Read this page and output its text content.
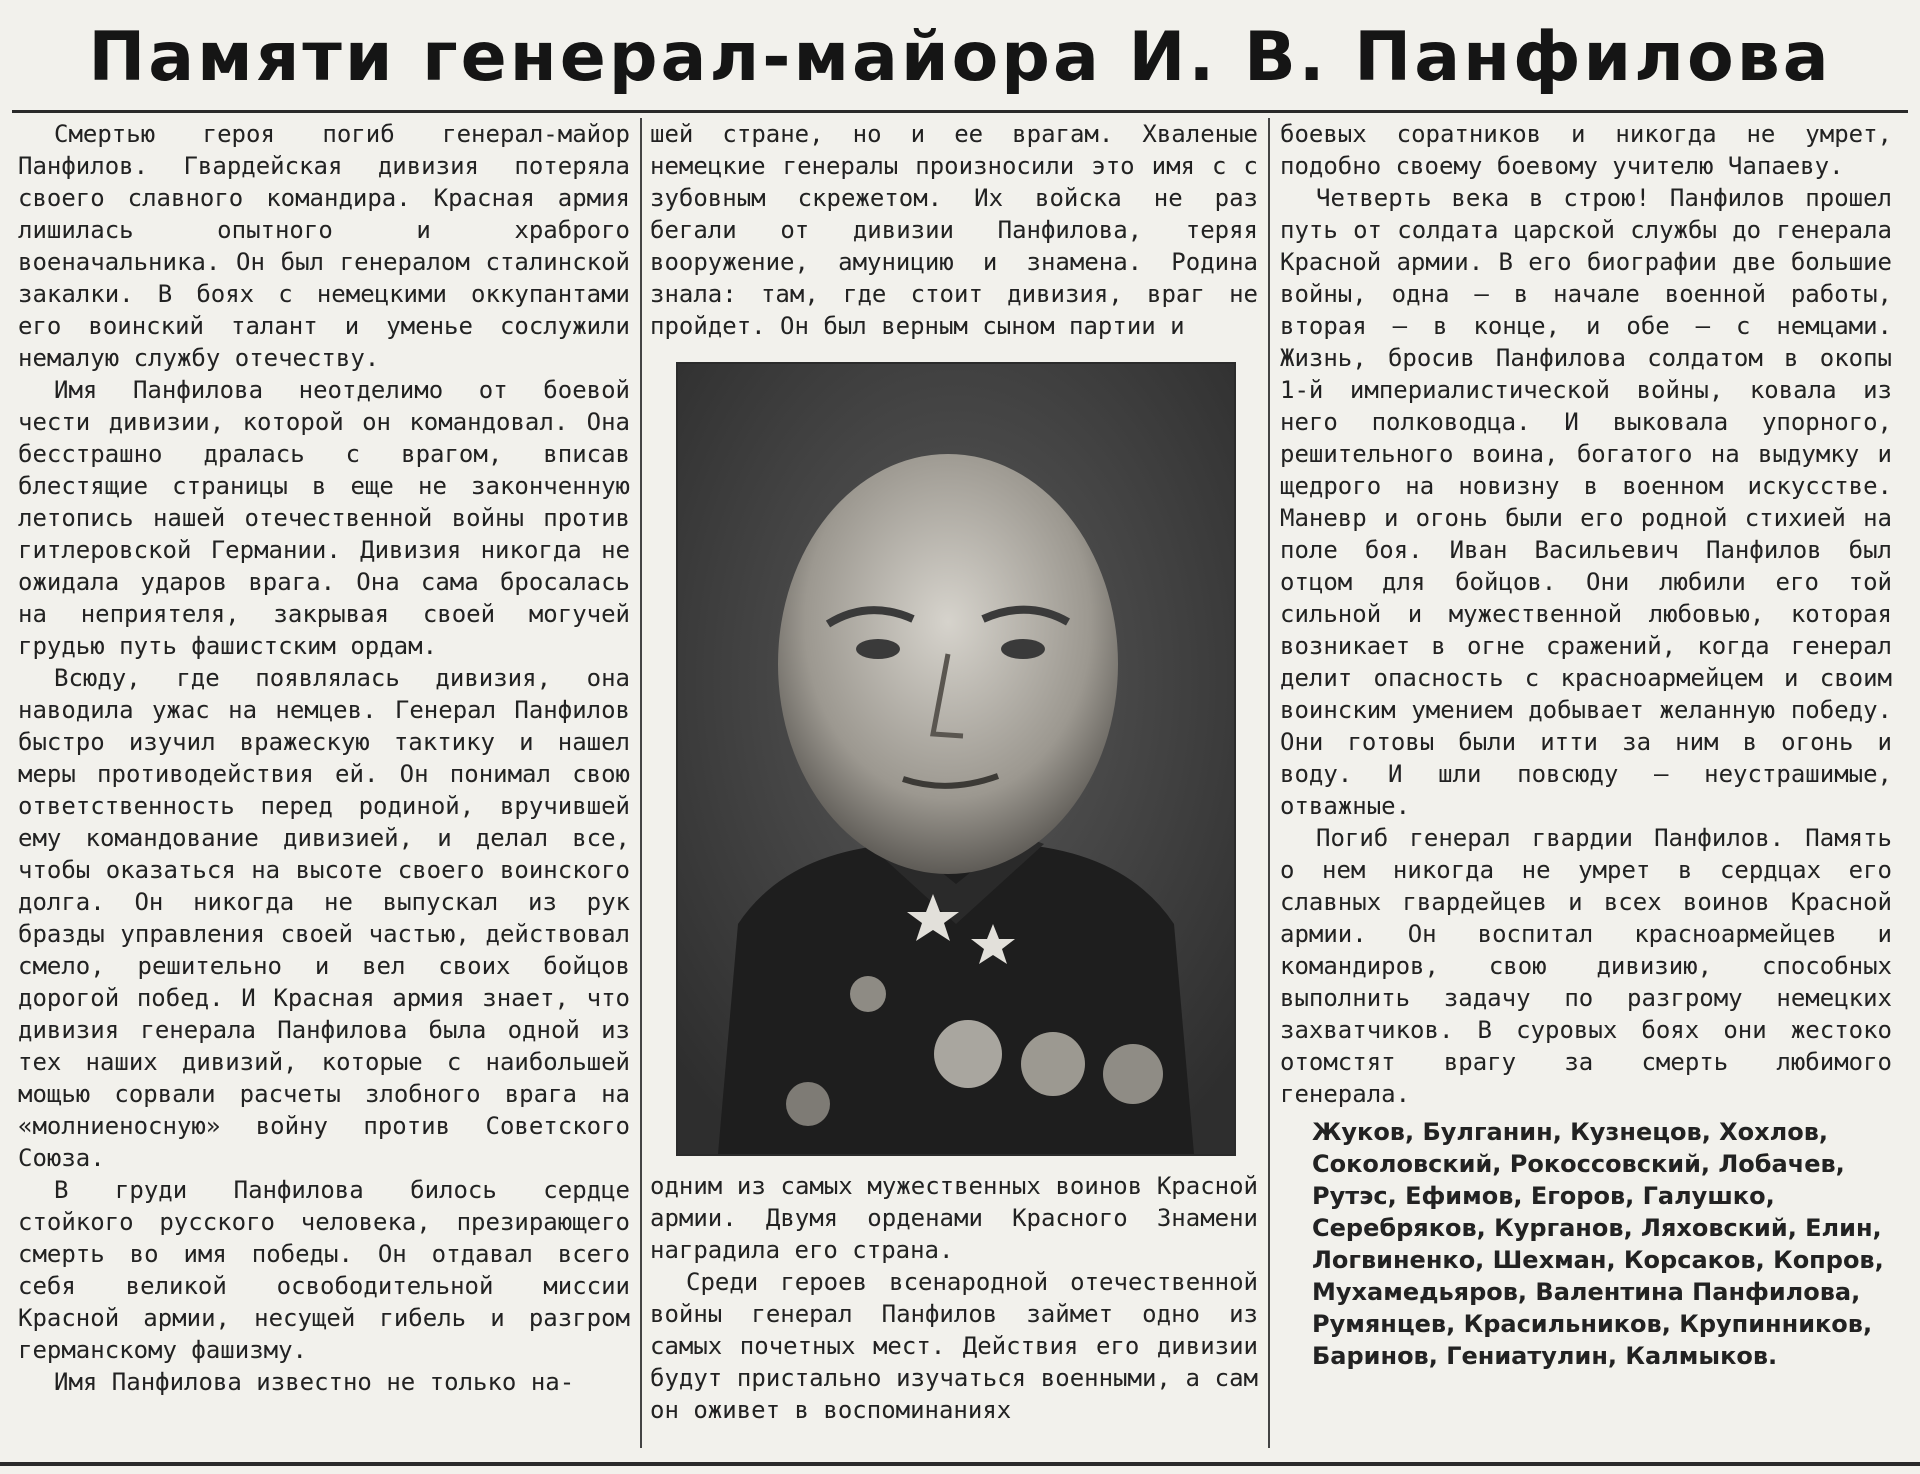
Памяти генерал-майора И. В. Панфилова

Смертью героя погиб генерал-майор Панфилов. Гвардейская дивизия потеряла своего славного командира. Красная армия лишилась опытного и храброго военачальника. Он был генералом сталинской закалки. В боях с немецкими оккупантами его воинский талант и уменье сослужили немалую службу отечеству.

Имя Панфилова неотделимо от боевой чести дивизии, которой он командовал. Она бесстрашно дралась с врагом, вписав блестящие страницы в еще не законченную летопись нашей отечественной войны против гитлеровской Германии. Дивизия никогда не ожидала ударов врага. Она сама бросалась на неприятеля, закрывая своей могучей грудью путь фашистским ордам.

Всюду, где появлялась дивизия, она наводила ужас на немцев. Генерал Панфилов быстро изучил вражескую тактику и нашел меры противодействия ей. Он понимал свою ответственность перед родиной, вручившей ему командование дивизией, и делал все, чтобы оказаться на высоте своего воинского долга. Он никогда не выпускал из рук бразды управления своей частью, действовал смело, решительно и вел своих бойцов дорогой побед. И Красная армия знает, что дивизия генерала Панфилова была одной из тех наших дивизий, которые с наибольшей мощью сорвали расчеты злобного врага на «молниеносную» войну против Советского Союза.

В груди Панфилова билось сердце стойкого русского человека, презирающего смерть во имя победы. Он отдавал всего себя великой освободительной миссии Красной армии, несущей гибель и разгром германскому фашизму.

Имя Панфилова известно не только на-

шей стране, но и ее врагам. Хваленые немецкие генералы произносили это имя с с зубовным скрежетом. Их войска не раз бегали от дивизии Панфилова, теряя вооружение, амуницию и знамена. Родина знала: там, где стоит дивизия, враг не пройдет. Он был верным сыном партии и

одним из самых мужественных воинов Красной армии. Двумя орденами Красного Знамени наградила его страна.

Среди героев всенародной отечественной войны генерал Панфилов займет одно из самых почетных мест. Действия его дивизии будут пристально изучаться военными, а сам он оживет в воспоминаниях

боевых соратников и никогда не умрет, подобно своему боевому учителю Чапаеву.

Четверть века в строю! Панфилов прошел путь от солдата царской службы до генерала Красной армии. В его биографии две большие войны, одна — в начале военной работы, вторая — в конце, и обе — с немцами. Жизнь, бросив Панфилова солдатом в окопы 1-й империалистической войны, ковала из него полководца. И выковала упорного, решительного воина, богатого на выдумку и щедрого на новизну в военном искусстве. Маневр и огонь были его родной стихией на поле боя. Иван Васильевич Панфилов был отцом для бойцов. Они любили его той сильной и мужественной любовью, которая возникает в огне сражений, когда генерал делит опасность с красноармейцем и своим воинским умением добывает желанную победу. Они готовы были итти за ним в огонь и воду. И шли повсюду — неустрашимые, отважные.

Погиб генерал гвардии Панфилов. Память о нем никогда не умрет в сердцах его славных гвардейцев и всех воинов Красной армии. Он воспитал красноармейцев и командиров, свою дивизию, способных выполнить задачу по разгрому немецких захватчиков. В суровых боях они жестоко отомстят врагу за смерть любимого генерала.

Жуков, Булганин, Кузнецов, Хохлов, Соколовский, Рокоссовский, Лобачев, Рутэс, Ефимов, Егоров, Галушко, Серебряков, Курганов, Ляховский, Елин, Логвиненко, Шехман, Корсаков, Копров, Мухамедьяров, Валентина Панфилова, Румянцев, Красильников, Крупинников, Баринов, Гениатулин, Калмыков.
